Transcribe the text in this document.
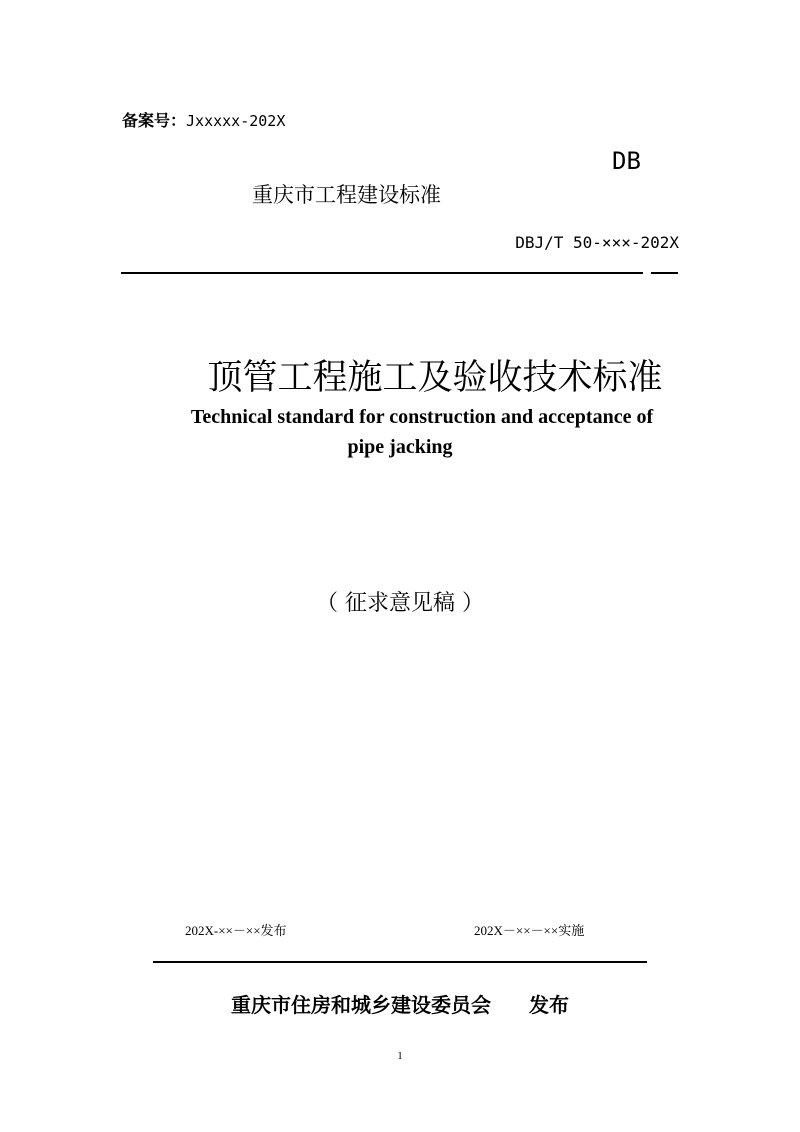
备案号：Jxxxxx-202X
DB
重庆市工程建设标准
DBJ/T 50-×××-202X
顶管工程施工及验收技术标准
Technical standard for construction and acceptance of
pipe jacking
（ 征求意见稿 ）
202X-××－××发布	202X－××－××实施
重庆市住房和城乡建设委员会 发布
1
